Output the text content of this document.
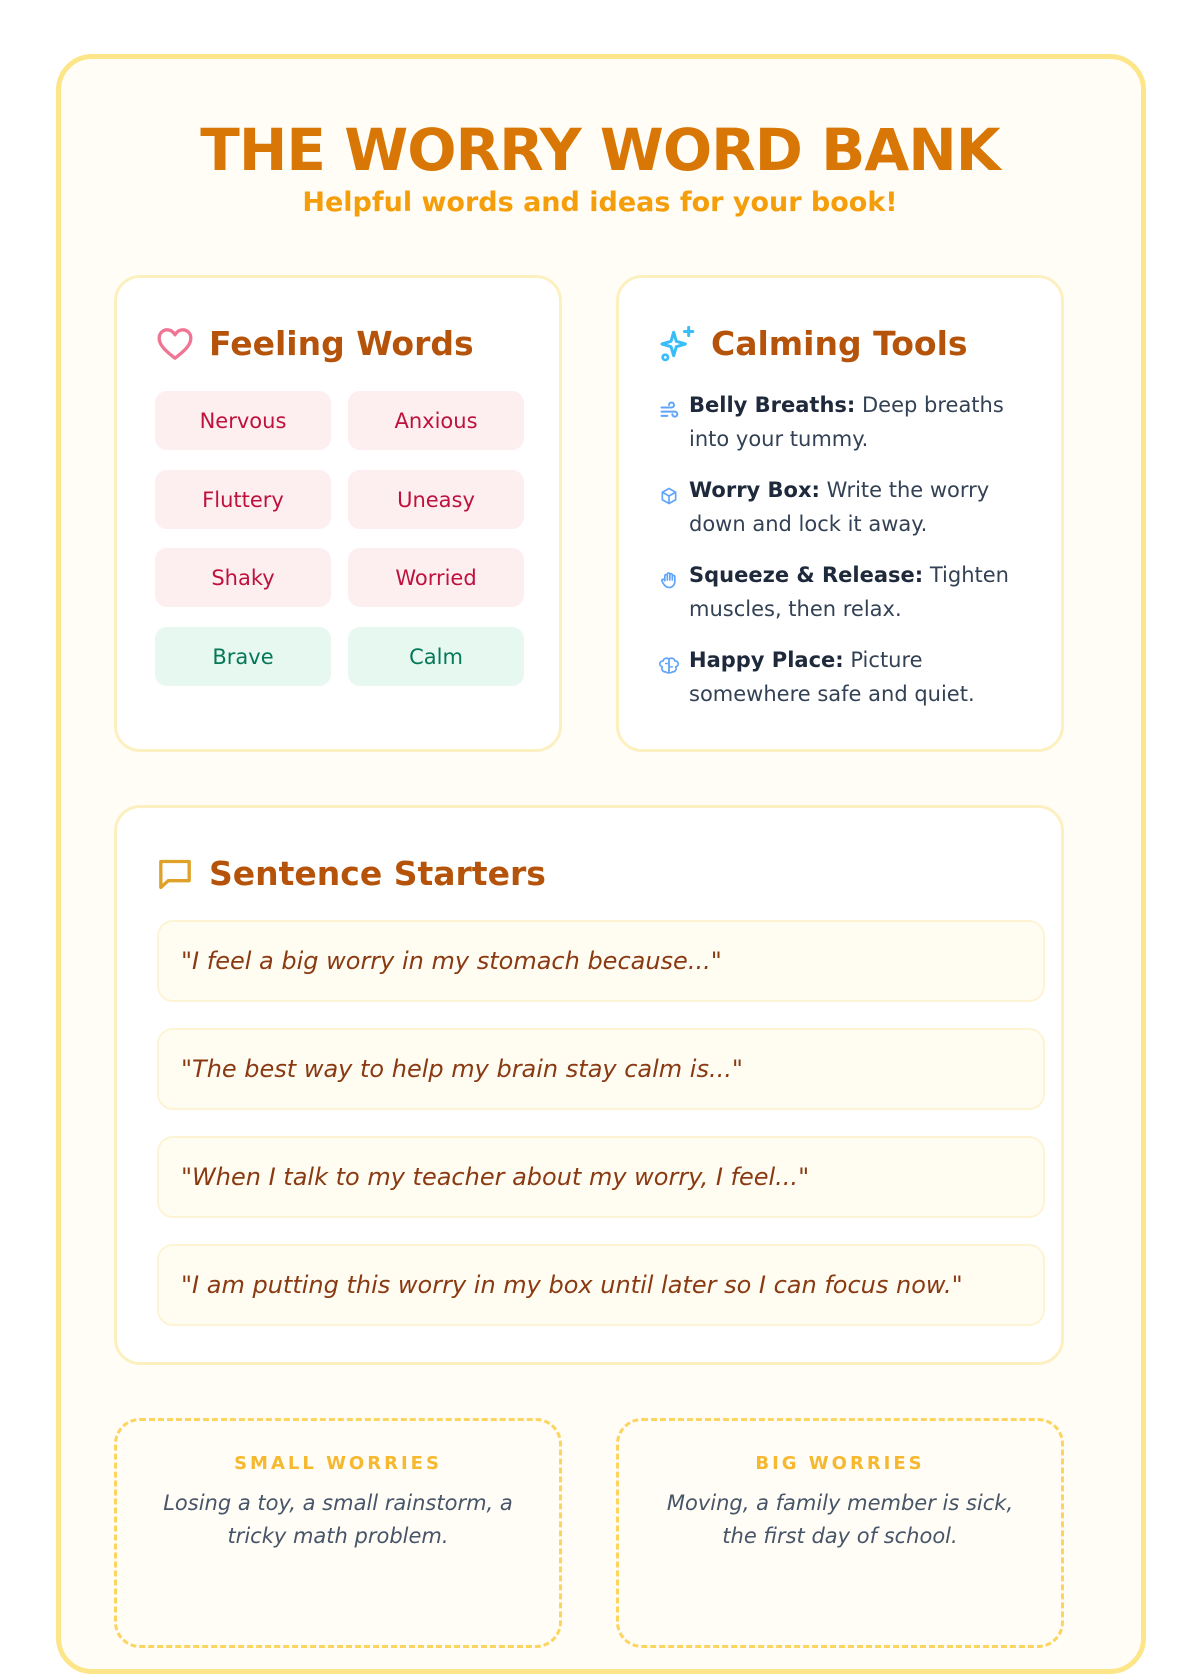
THE WORRY WORD BANK
Helpful words and ideas for your book!
Feeling Words
Nervous	Anxious
Fluttery	Uneasy
Shaky	Worried
Brave	Calm
Calming Tools
Belly Breaths: Deep breaths into your tummy.
Worry Box: Write the worry down and lock it away.
Squeeze & Release: Tighten muscles, then relax.
Happy Place: Picture somewhere safe and quiet.
Sentence Starters
"I feel a big worry in my stomach because..."
"The best way to help my brain stay calm is..."
"When I talk to my teacher about my worry, I feel..."
"I am putting this worry in my box until later so I can focus now."
SMALL WORRIES
Losing a toy, a small rainstorm, a tricky math problem.
BIG WORRIES
Moving, a family member is sick, the first day of school.
